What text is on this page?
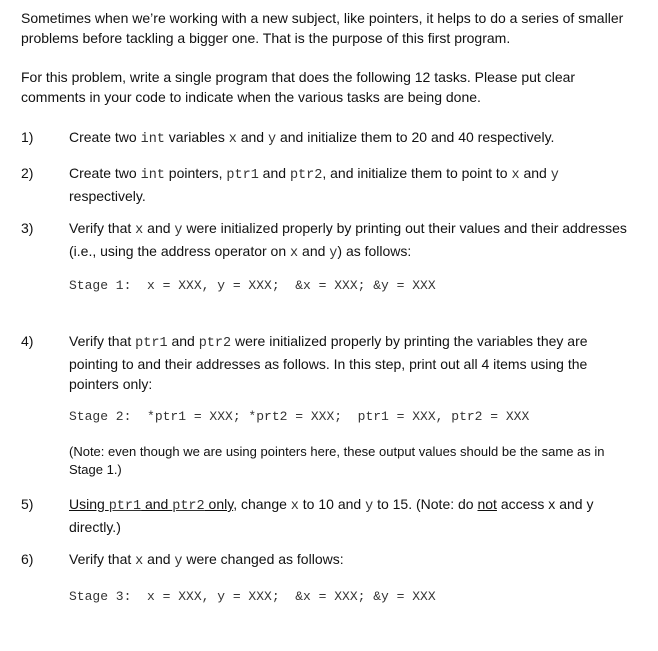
Sometimes when we’re working with a new subject, like pointers, it helps to do a series of smaller problems before tackling a bigger one. That is the purpose of this first program.

For this problem, write a single program that does the following 12 tasks. Please put clear comments in your code to indicate when the various tasks are being done.

1)	Create two int variables x and y and initialize them to 20 and 40 respectively.

2)	Create two int pointers, ptr1 and ptr2, and initialize them to point to x and y respectively.

3)	Verify that x and y were initialized properly by printing out their values and their addresses (i.e., using the address operator on x and y) as follows:

Stage 1:  x = XXX, y = XXX;  &x = XXX; &y = XXX
4)	Verify that ptr1 and ptr2 were initialized properly by printing the variables they are pointing to and their addresses as follows. In this step, print out all 4 items using the pointers only:

Stage 2:  *ptr1 = XXX; *prt2 = XXX;  ptr1 = XXX, ptr2 = XXX

(Note: even though we are using pointers here, these output values should be the same as in Stage 1.)

5)	Using ptr1 and ptr2 only, change x to 10 and y to 15. (Note: do not access x and y directly.)

6)	Verify that x and y were changed as follows:

Stage 3:  x = XXX, y = XXX;  &x = XXX; &y = XXX
